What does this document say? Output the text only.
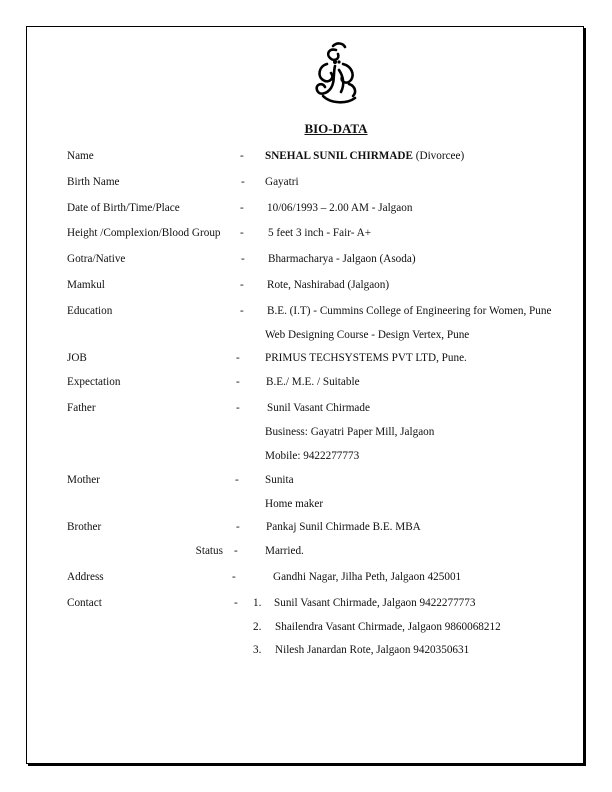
BIO-DATA
Name	- SNEHAL SUNIL CHIRMADE (Divorcee)
Birth Name	- Gayatri
Date of Birth/Time/Place	- 10/06/1993 – 2.00 AM - Jalgaon
Height /Complexion/Blood Group - 5 feet 3 inch - Fair- A+
Gotra/Native	- Bharmacharya - Jalgaon (Asoda)
Mamkul	- Rote, Nashirabad (Jalgaon)
Education	- B.E. (I.T) - Cummins College of Engineering for Women, Pune
Web Designing Course - Design Vertex, Pune
JOB	- PRIMUS TECHSYSTEMS PVT LTD, Pune.
Expectation	- B.E./ M.E. / Suitable
Father	- Sunil Vasant Chirmade
Business: Gayatri Paper Mill, Jalgaon
Mobile: 9422277773
Mother	- Sunita
Home maker
Brother	- Pankaj Sunil Chirmade B.E. MBA
Status - Married.
Address	-	Gandhi Nagar, Jilha Peth, Jalgaon 425001
Contact	- 1. Sunil Vasant Chirmade, Jalgaon 9422277773
2. Shailendra Vasant Chirmade, Jalgaon 9860068212
3. Nilesh Janardan Rote, Jalgaon 9420350631
